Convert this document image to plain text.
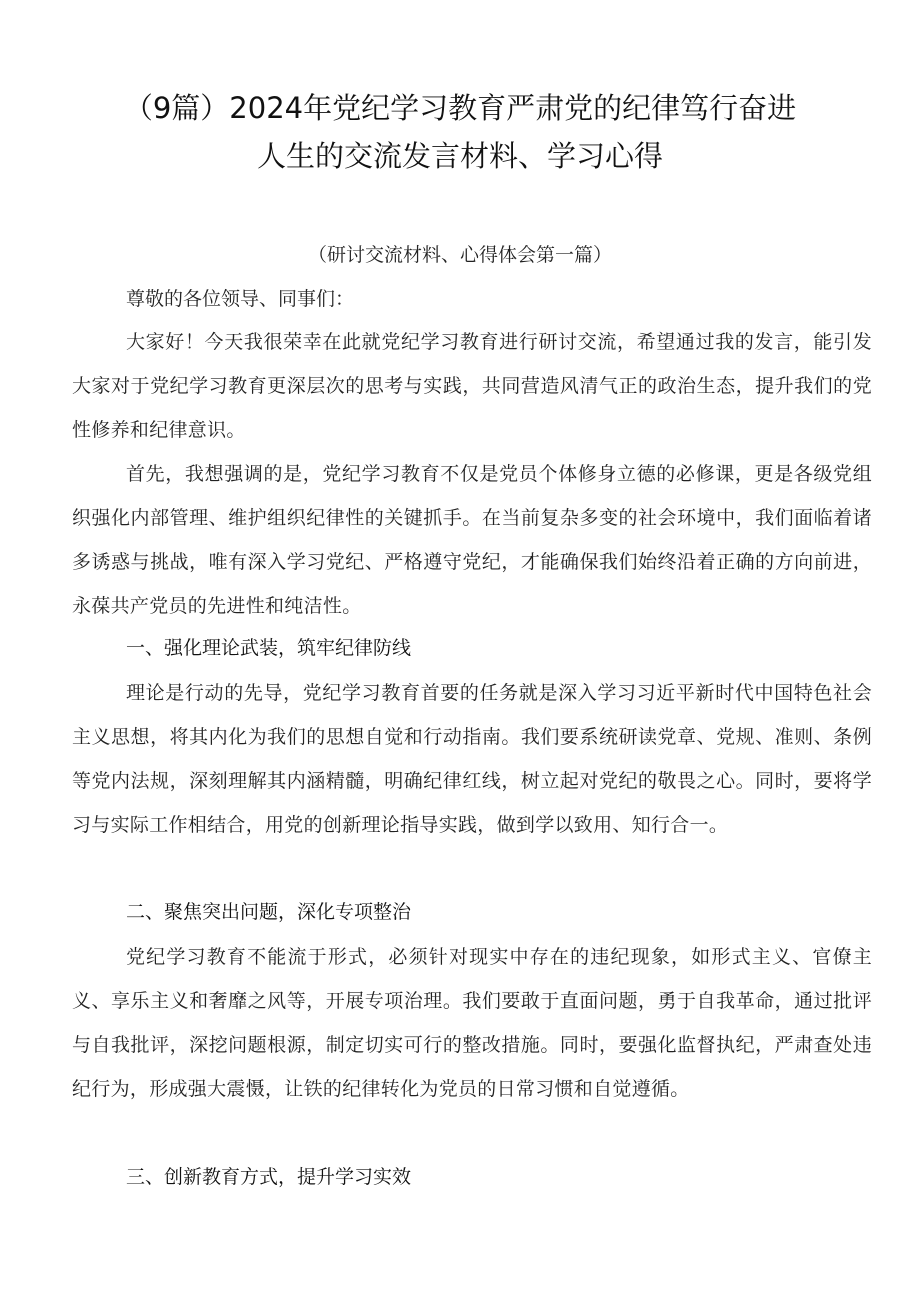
（9篇）2024年党纪学习教育严肃党的纪律笃行奋进
人生的交流发言材料、学习心得
（研讨交流材料、心得体会第一篇）

尊敬的各位领导、同事们：

大家好！今天我很荣幸在此就党纪学习教育进行研讨交流，希望通过我的发言，能引发大家对于党纪学习教育更深层次的思考与实践，共同营造风清气正的政治生态，提升我们的党性修养和纪律意识。

首先，我想强调的是，党纪学习教育不仅是党员个体修身立德的必修课，更是各级党组织强化内部管理、维护组织纪律性的关键抓手。在当前复杂多变的社会环境中，我们面临着诸多诱惑与挑战，唯有深入学习党纪、严格遵守党纪，才能确保我们始终沿着正确的方向前进，永葆共产党员的先进性和纯洁性。

一、强化理论武装，筑牢纪律防线

理论是行动的先导，党纪学习教育首要的任务就是深入学习习近平新时代中国特色社会主义思想，将其内化为我们的思想自觉和行动指南。我们要系统研读党章、党规、准则、条例等党内法规，深刻理解其内涵精髓，明确纪律红线，树立起对党纪的敬畏之心。同时，要将学习与实际工作相结合，用党的创新理论指导实践，做到学以致用、知行合一。

二、聚焦突出问题，深化专项整治

党纪学习教育不能流于形式，必须针对现实中存在的违纪现象，如形式主义、官僚主义、享乐主义和奢靡之风等，开展专项治理。我们要敢于直面问题，勇于自我革命，通过批评与自我批评，深挖问题根源，制定切实可行的整改措施。同时，要强化监督执纪，严肃查处违纪行为，形成强大震慑，让铁的纪律转化为党员的日常习惯和自觉遵循。

三、创新教育方式，提升学习实效
